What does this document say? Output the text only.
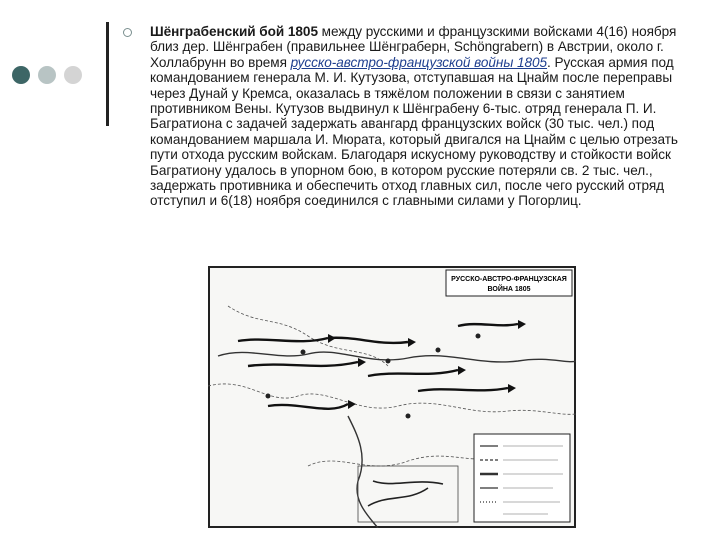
Шёнграбенский бой 1805 между русскими и французскими войсками 4(16) ноября близ дер. Шёнграбен (правильнее Шёнграберн, Schöngrabern) в Австрии, около г. Холлабрунн во время русско-австро-французской войны 1805. Русская армия под командованием генерала М. И. Кутузова, отступавшая на Цнайм после переправы через Дунай у Кремса, оказалась в тяжёлом положении в связи с занятием противником Вены. Кутузов выдвинул к Шёнграбену 6-тыс. отряд генерала П. И. Багратиона с задачей задержать авангард французских войск (30 тыс. чел.) под командованием маршала И. Мюрата, который двигался на Цнайм с целью отрезать пути отхода русским войскам. Благодаря искусному руководству и стойкости войск Багратиону удалось в упорном бою, в котором русские потеряли св. 2 тыс. чел., задержать противника и обеспечить отход главных сил, после чего русский отряд отступил и 6(18) ноября соединился с главными силами у Погорлиц.
РУССКО-АВСТРО-ФРАНЦУЗСКАЯ
ВОЙНА 1805
